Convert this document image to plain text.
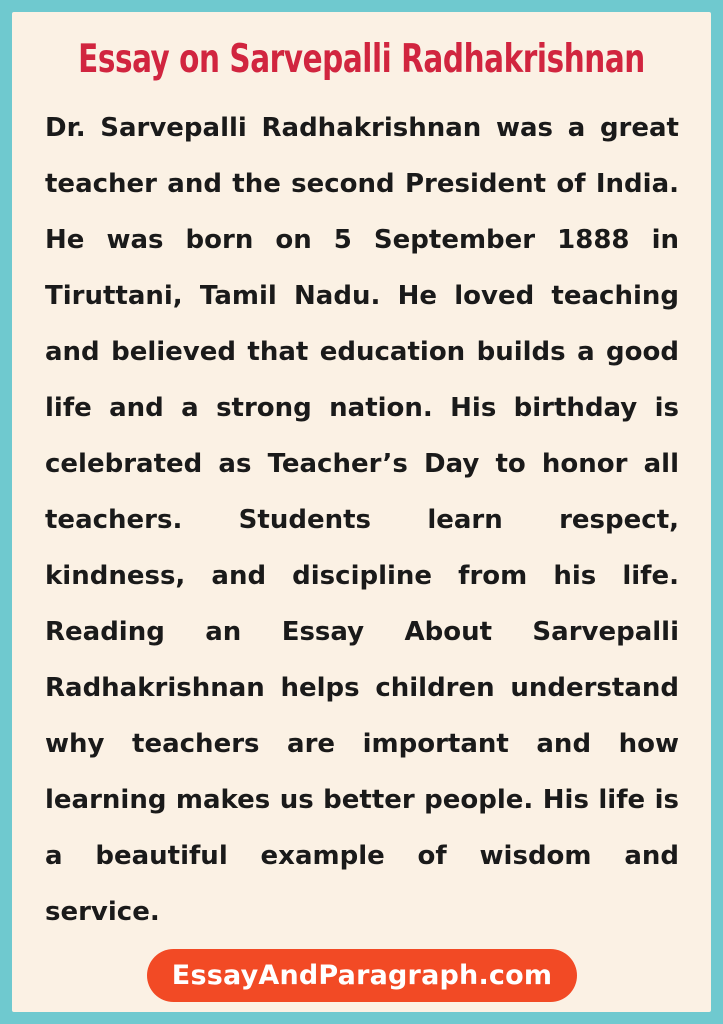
Essay on Sarvepalli Radhakrishnan

Dr. Sarvepalli Radhakrishnan was a great teacher and the second President of India. He was born on 5 September 1888 in Tiruttani, Tamil Nadu. He loved teaching and believed that education builds a good life and a strong nation. His birthday is celebrated as Teacher’s Day to honor all teachers. Students learn respect, kindness, and discipline from his life. Reading an Essay About Sarvepalli Radhakrishnan helps children understand why teachers are important and how learning makes us better people. His life is a beautiful example of wisdom and service.

EssayAndParagraph.com
